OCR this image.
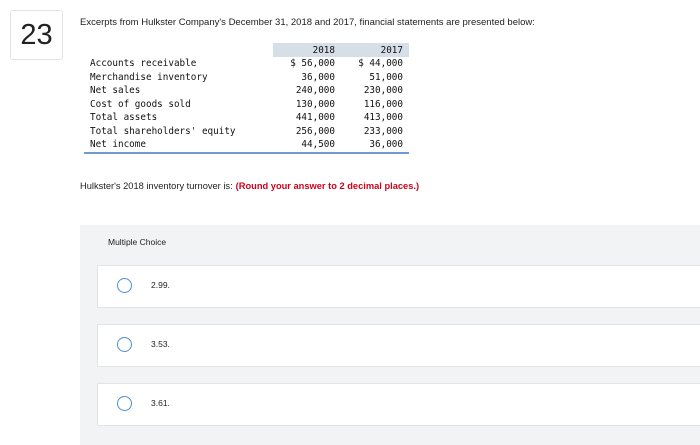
23	Excerpts from Hulkster Company's December 31, 2018 and 2017, financial statements are presented below:
	2018	2017
Accounts receivable	$ 56,000	$ 44,000
Merchandise inventory	36,000	51,000
Net sales	240,000	230,000
Cost of goods sold	130,000	116,000
Total assets	441,000	413,000
Total shareholders' equity	256,000	233,000
Net income	44,500	36,000
Hulkster's 2018 inventory turnover is: (Round your answer to 2 decimal places.)
Multiple Choice
2.99.
3.53.
3.61.
